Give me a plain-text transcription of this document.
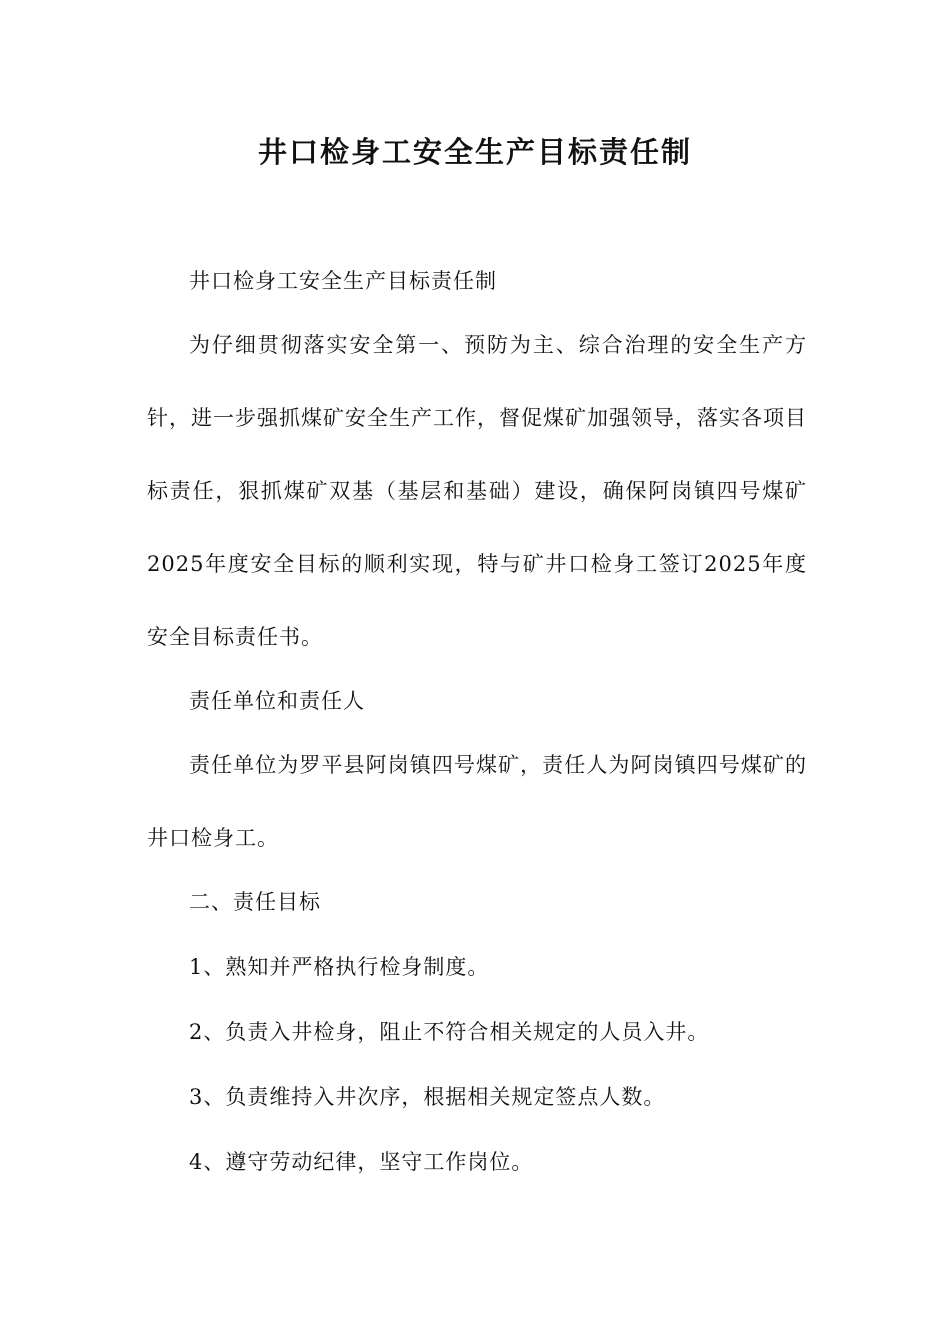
井口检身工安全生产目标责任制

井口检身工安全生产目标责任制

为仔细贯彻落实安全第一、预防为主、综合治理的安全生产方针，进一步强抓煤矿安全生产工作，督促煤矿加强领导，落实各项目标责任，狠抓煤矿双基（基层和基础）建设，确保阿岗镇四号煤矿2025年度安全目标的顺利实现，特与矿井口检身工签订2025年度安全目标责任书。

责任单位和责任人

责任单位为罗平县阿岗镇四号煤矿，责任人为阿岗镇四号煤矿的井口检身工。

二、责任目标

1、熟知并严格执行检身制度。

2、负责入井检身，阻止不符合相关规定的人员入井。

3、负责维持入井次序，根据相关规定签点人数。

4、遵守劳动纪律，坚守工作岗位。
